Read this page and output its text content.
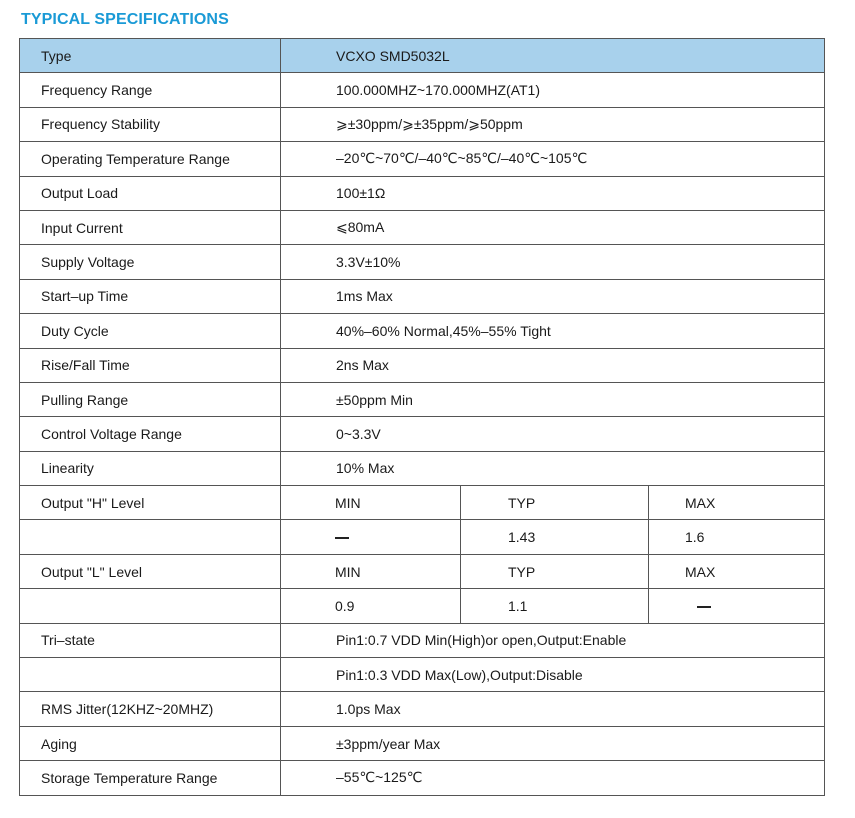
TYPICAL SPECIFICATIONS
Type	VCXO SMD5032L		
Frequency Range	100.000MHZ~170.000MHZ(AT1)		
Frequency Stability	⩾±30ppm/⩾±35ppm/⩾50ppm		
Operating Temperature Range	–20℃~70℃/–40℃~85℃/–40℃~105℃		
Output Load	100±1Ω		
Input Current	⩽80mA		
Supply Voltage	3.3V±10%		
Start–up Time	1ms Max		
Duty Cycle	40%–60% Normal,45%–55% Tight		
Rise/Fall Time	2ns Max		
Pulling Range	±50ppm Min		
Control Voltage Range	0~3.3V		
Linearity	10% Max		
Output "H" Level	MIN	TYP	MAX
		1.43	1.6
Output "L" Level	MIN	TYP	MAX
	0.9	1.1	
Tri–state	Pin1:0.7 VDD Min(High)or open,Output:Enable		
	Pin1:0.3 VDD Max(Low),Output:Disable		
RMS Jitter(12KHZ~20MHZ)	1.0ps Max		
Aging	±3ppm/year Max		
Storage Temperature Range	–55℃~125℃		
